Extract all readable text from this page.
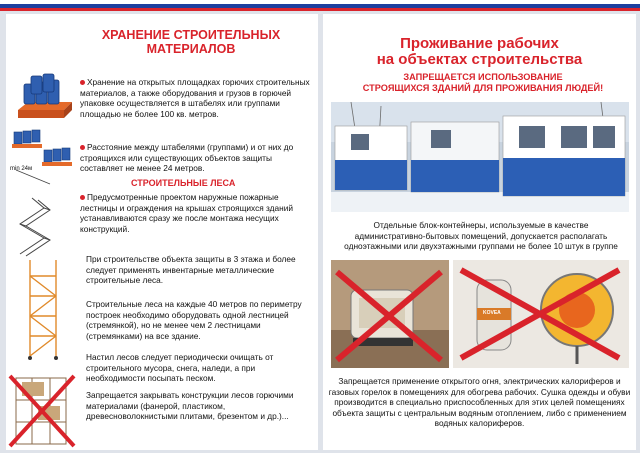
ХРАНЕНИЕ СТРОИТЕЛЬНЫХ
МАТЕРИАЛОВ
min 24м
Хранение на открытых площадках горючих строительных материалов, а также оборудования и грузов в горючей упаковке осуществляется в штабелях или группами площадью не более 100 кв. метров.
Расстояние между штабелями (группами) и от них до строящихся или существующих объектов защиты составляет не менее 24 метров.
СТРОИТЕЛЬНЫЕ ЛЕСА
Предусмотренные проектом наружные пожарные лестницы и ограждения на крышах строящихся зданий устанавливаются сразу же после монтажа несущих конструкций.
При строительстве объекта защиты в 3 этажа и более следует применять инвентарные металлические строительные леса.
Строительные леса на каждые 40 метров по периметру построек необходимо оборудовать одной лестницей (стремянкой), но не менее чем 2 лестницами (стремянками) на все здание.
Настил лесов следует периодически очищать от строительного мусора, снега, наледи, а при необходимости посыпать песком.
Запрещается закрывать конструкции лесов горючими материалами (фанерой, пластиком, древесноволокнистыми плитами, брезентом и др.)...
Проживание рабочих
на объектах строительства
ЗАПРЕЩАЕТСЯ ИСПОЛЬЗОВАНИЕ
СТРОЯЩИХСЯ ЗДАНИЙ ДЛЯ ПРОЖИВАНИЯ ЛЮДЕЙ!
Отдельные блок-контейнеры, используемые в качестве административно-бытовых помещений, допускается располагать одноэтажными или двухэтажными группами не более 10 штук в группе
KOVEA
Запрещается применение открытого огня, электрических калориферов и газовых горелок в помещениях для обогрева рабочих. Сушка одежды и обуви производится в специально приспособленных для этих целей помещениях объекта защиты с центральным водяным отоплением, либо с применением водяных калориферов.
